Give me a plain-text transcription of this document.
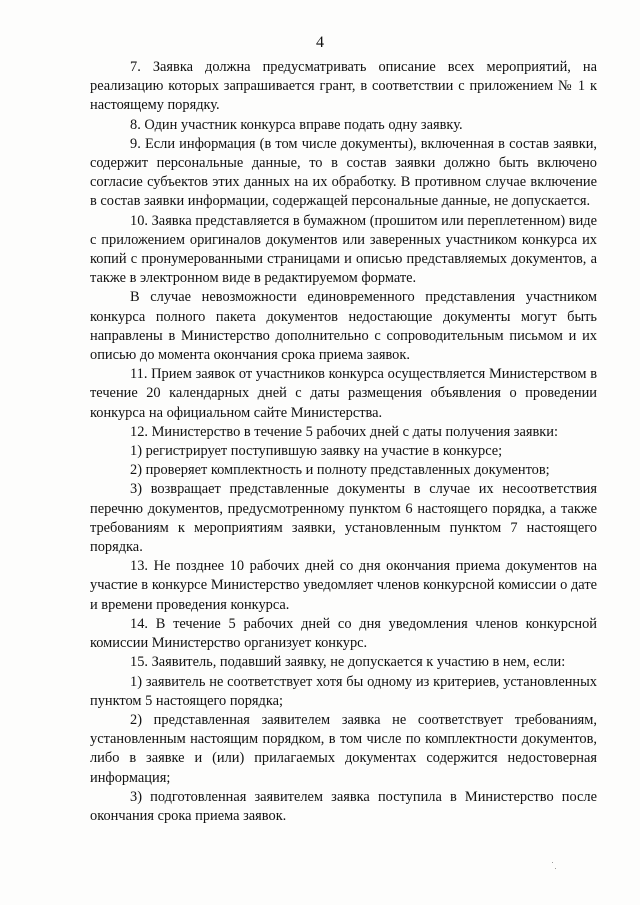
4

7. Заявка должна предусматривать описание всех мероприятий, на реализацию которых запрашивается грант, в соответствии с приложением № 1 к настоящему порядку.

8. Один участник конкурса вправе подать одну заявку.

9. Если информация (в том числе документы), включенная в состав заявки, содержит персональные данные, то в состав заявки должно быть включено согласие субъектов этих данных на их обработку. В противном случае включение в состав заявки информации, содержащей персональные данные, не допускается.

10. Заявка представляется в бумажном (прошитом или переплетенном) виде с приложением оригиналов документов или заверенных участником конкурса их копий с пронумерованными страницами и описью представляемых документов, а также в электронном виде в редактируемом формате.

В случае невозможности единовременного представления участником конкурса полного пакета документов недостающие документы могут быть направлены в Министерство дополнительно с сопроводительным письмом и их описью до момента окончания срока приема заявок.

11. Прием заявок от участников конкурса осуществляется Министерством в течение 20 календарных дней с даты размещения объявления о проведении конкурса на официальном сайте Министерства.

12. Министерство в течение 5 рабочих дней с даты получения заявки:

1) регистрирует поступившую заявку на участие в конкурсе;

2) проверяет комплектность и полноту представленных документов;

3) возвращает представленные документы в случае их несоответствия перечню документов, предусмотренному пунктом 6 настоящего порядка, а также требованиям к мероприятиям заявки, установленным пунктом 7 настоящего порядка.

13. Не позднее 10 рабочих дней со дня окончания приема документов на участие в конкурсе Министерство уведомляет членов конкурсной комиссии о дате и времени проведения конкурса.

14. В течение 5 рабочих дней со дня уведомления членов конкурсной комиссии Министерство организует конкурс.

15. Заявитель, подавший заявку, не допускается к участию в нем, если:

1) заявитель не соответствует хотя бы одному из критериев, установленных пунктом 5 настоящего порядка;

2) представленная заявителем заявка не соответствует требованиям, установленным настоящим порядком, в том числе по комплектности документов, либо в заявке и (или) прилагаемых документах содержится недостоверная информация;

3) подготовленная заявителем заявка поступила в Министерство после окончания срока приема заявок.
